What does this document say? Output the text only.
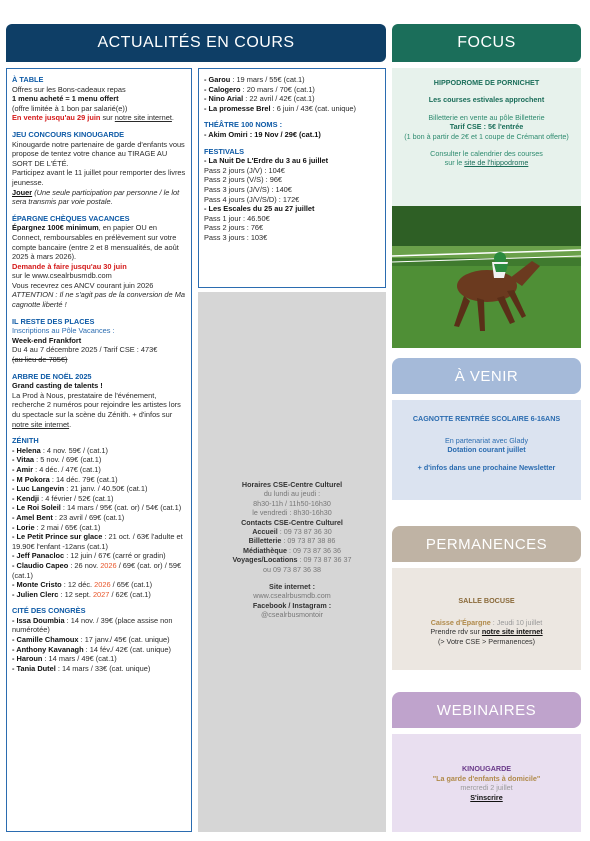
ACTUALITÉS EN COURS	FOCUS
À TABLE
Offres sur les Bons-cadeaux repas
1 menu acheté = 1 menu offert
(offre limitée à 1 bon par salarié(e))
En vente jusqu'au 29 juin sur notre site internet.
JEU CONCOURS KINOUGARDE
Kinougarde notre partenaire de garde d'enfants vous propose de tentez votre chance au TIRAGE AU SORT DE L'ÉTÉ.
Participez avant le 11 juillet pour remporter des livres jeunesse.
Jouer (Une seule participation par personne / le lot sera transmis par voie postale.
ÉPARGNE CHÈQUES VACANCES
Épargnez 100€ minimum, en papier OU en Connect, remboursables en prélèvement sur votre compte bancaire (entre 2 et 8 mensualités, de août 2025 à mars 2026).
Demande à faire jusqu'au 30 juin
sur le www.csealrbusmdb.com
Vous recevrez ces ANCV courant juin 2026
ATTENTION : Il ne s'agit pas de la conversion de Ma cagnotte liberté !
IL RESTE DES PLACES
Inscriptions au Pôle Vacances :
Week-end Frankfort
Du 4 au 7 décembre 2025 / Tarif CSE : 473€
(au lieu de 785€)
ARBRE DE NOËL 2025
Grand casting de talents !
La Prod à Nous, prestataire de l'événement, recherche 2 numéros pour rejoindre les artistes lors du spectacle sur la scène du Zénith. + d'infos sur notre site internet.
ZÉNITH
- Helena : 4 nov. 59€ / (cat.1)
- Vitaa : 5 nov. / 69€ (cat.1)
- Amir : 4 déc. / 47€ (cat.1)
- M Pokora : 14 déc. 79€ (cat.1)
- Luc Langevin : 21 janv. / 40.50€ (cat.1)
- Kendji : 4 février / 52€ (cat.1)
- Le Roi Soleil : 14 mars / 95€ (cat. or) / 54€ (cat.1)
- Amel Bent : 23 avril / 69€ (cat.1)
- Lorie : 2 mai / 65€ (cat.1)
- Le Petit Prince sur glace : 21 oct. / 63€ l'adulte et 19.90€ l'enfant -12ans (cat.1)
- Jeff Panacloc : 12 juin / 67€ (carré or gradin)
- Claudio Capeo : 26 nov. 2026 / 69€ (cat. or) / 59€ (cat.1)
- Monte Cristo : 12 déc. 2026 / 65€ (cat.1)
- Julien Clerc : 12 sept. 2027 / 62€ (cat.1)
CITÉ DES CONGRÈS
- Issa Doumbia : 14 nov. / 39€ (place assise non numérotée)
- Camille Chamoux : 17 janv./ 45€ (cat. unique)
- Anthony Kavanagh : 14 fév./ 42€ (cat. unique)
- Haroun : 14 mars / 49€ (cat.1)
- Tania Dutel : 14 mars / 33€ (cat. unique)
- Garou : 19 mars / 55€ (cat.1)
- Calogero : 20 mars / 70€ (cat.1)
- Nino Arial : 22 avril / 42€ (cat.1)
- La promesse Brel : 6 juin / 43€ (cat. unique)
THÉÂTRE 100 NOMS :
- Akim Omiri : 19 Nov / 29€ (cat.1)
FESTIVALS
- La Nuit De L'Erdre du 3 au 6 juillet
Pass 2 jours (J/V) : 104€
Pass 2 jours (V/S) : 96€
Pass 3 jours (J/V/S) : 140€
Pass 4 jours (J/V/S/D) : 172€
- Les Escales du 25 au 27 juillet
Pass 1 jour : 46.50€
Pass 2 jours : 76€
Pass 3 jours : 103€
Horaires CSE-Centre Culturel
du lundi au jeudi :
8h30-11h / 11h50-16h30
le vendredi : 8h30-16h30
Contacts CSE-Centre Culturel
Accueil : 09 73 87 36 30
Billetterie : 09 73 87 38 86
Médiathèque : 09 73 87 36 36
Voyages/Locations : 09 73 87 36 37
ou 09 73 87 36 38
Site internet :
www.csealrbusmdb.com
Facebook / Instagram :
@csealrbusmontoir
HIPPODROME DE PORNICHET
Les courses estivales approchent
Billetterie en vente au pôle Billetterie
Tarif CSE : 5€ l'entrée
(1 bon à partir de 2€ et 1 coupe de Crémant offerte)
Consulter le calendrier des courses
sur le site de l'hippodrome
À VENIR
CAGNOTTE RENTRÉE SCOLAIRE 6-16ANS
En partenariat avec Glady
Dotation courant juillet
+ d'infos dans une prochaine Newsletter
PERMANENCES
SALLE BOCUSE
Caisse d'Épargne : Jeudi 10 juillet
Prendre rdv sur notre site internet
(> Votre CSE > Permanences)
WEBINAIRES
KINOUGARDE
"La garde d'enfants à domicile"
mercredi 2 juillet
S'inscrire
